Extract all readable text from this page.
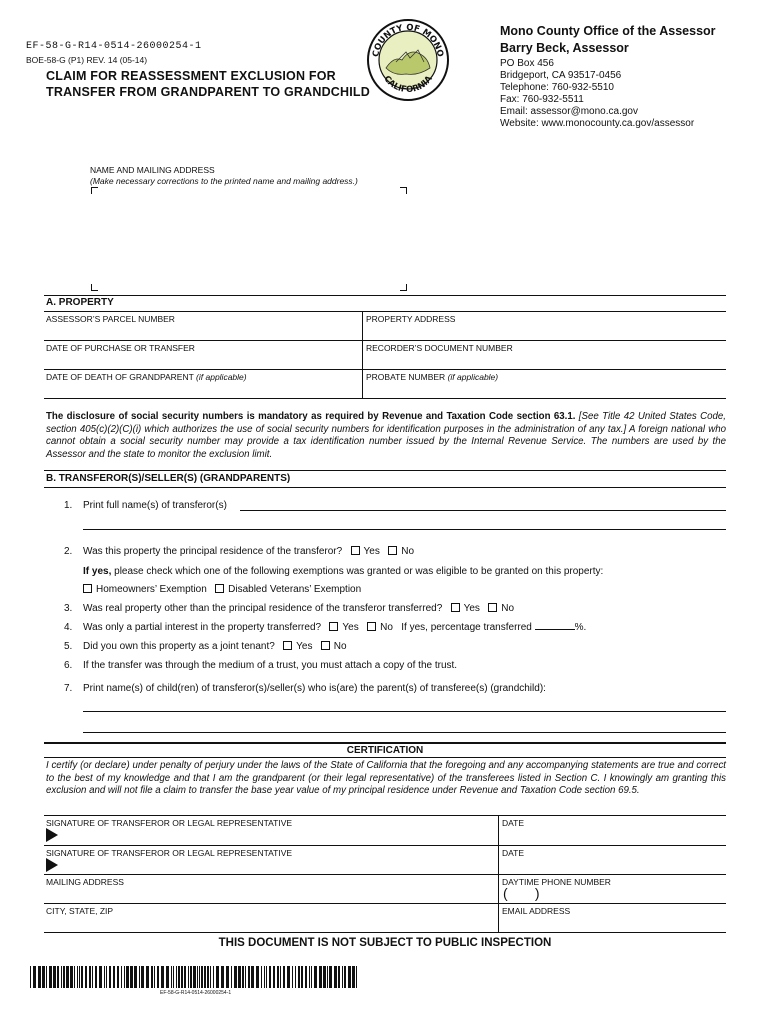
EF-58-G-R14-0514-26000254-1
BOE-58-G (P1) REV. 14 (05-14)
CLAIM FOR REASSESSMENT EXCLUSION FOR
TRANSFER FROM GRANDPARENT TO GRANDCHILD
COUNTY OF MONO
CALIFORNIA
Mono County Office of the Assessor
Barry Beck, Assessor
PO Box 456
Bridgeport, CA 93517-0456
Telephone: 760-932-5510
Fax: 760-932-5511
Email: assessor@mono.ca.gov
Website: www.monocounty.ca.gov/assessor
NAME AND MAILING ADDRESS
(Make necessary corrections to the printed name and mailing address.)
A. PROPERTY
ASSESSOR’S PARCEL NUMBER	PROPERTY ADDRESS
DATE OF PURCHASE OR TRANSFER	RECORDER’S DOCUMENT NUMBER
DATE OF DEATH OF GRANDPARENT (if applicable)	PROBATE NUMBER (if applicable)
The disclosure of social security numbers is mandatory as required by Revenue and Taxation Code section 63.1. [See Title 42 United States Code, section 405(c)(2)(C)(i) which authorizes the use of social security numbers for identification purposes in the administration of any tax.] A foreign national who cannot obtain a social security number may provide a tax identification number issued by the Internal Revenue Service. The numbers are used by the Assessor and the state to monitor the exclusion limit.
B. TRANSFEROR(S)/SELLER(S) (GRANDPARENTS)
1. Print full name(s) of transferor(s)
2. Was this property the principal residence of the transferor? Yes No
If yes, please check which one of the following exemptions was granted or was eligible to be granted on this property:
Homeowners’ Exemption Disabled Veterans’ Exemption
3. Was real property other than the principal residence of the transferor transferred? Yes No
4. Was only a partial interest in the property transferred? Yes No If yes, percentage transferred	%.
5. Did you own this property as a joint tenant? Yes No
6. If the transfer was through the medium of a trust, you must attach a copy of the trust.
7. Print name(s) of child(ren) of transferor(s)/seller(s) who is(are) the parent(s) of transferee(s) (grandchild):
CERTIFICATION
I certify (or declare) under penalty of perjury under the laws of the State of California that the foregoing and any accompanying statements are true and correct to the best of my knowledge and that I am the grandparent (or their legal representative) of the transferees listed in Section C. I knowingly am granting this exclusion and will not file a claim to transfer the base year value of my principal residence under Revenue and Taxation Code section 69.5.
SIGNATURE OF TRANSFEROR OR LEGAL REPRESENTATIVE	DATE
SIGNATURE OF TRANSFEROR OR LEGAL REPRESENTATIVE	DATE
MAILING ADDRESS	DAYTIME PHONE NUMBER
(       )
CITY, STATE, ZIP	EMAIL ADDRESS
THIS DOCUMENT IS NOT SUBJECT TO PUBLIC INSPECTION
EF-58-G-R14-0514-26000254-1
